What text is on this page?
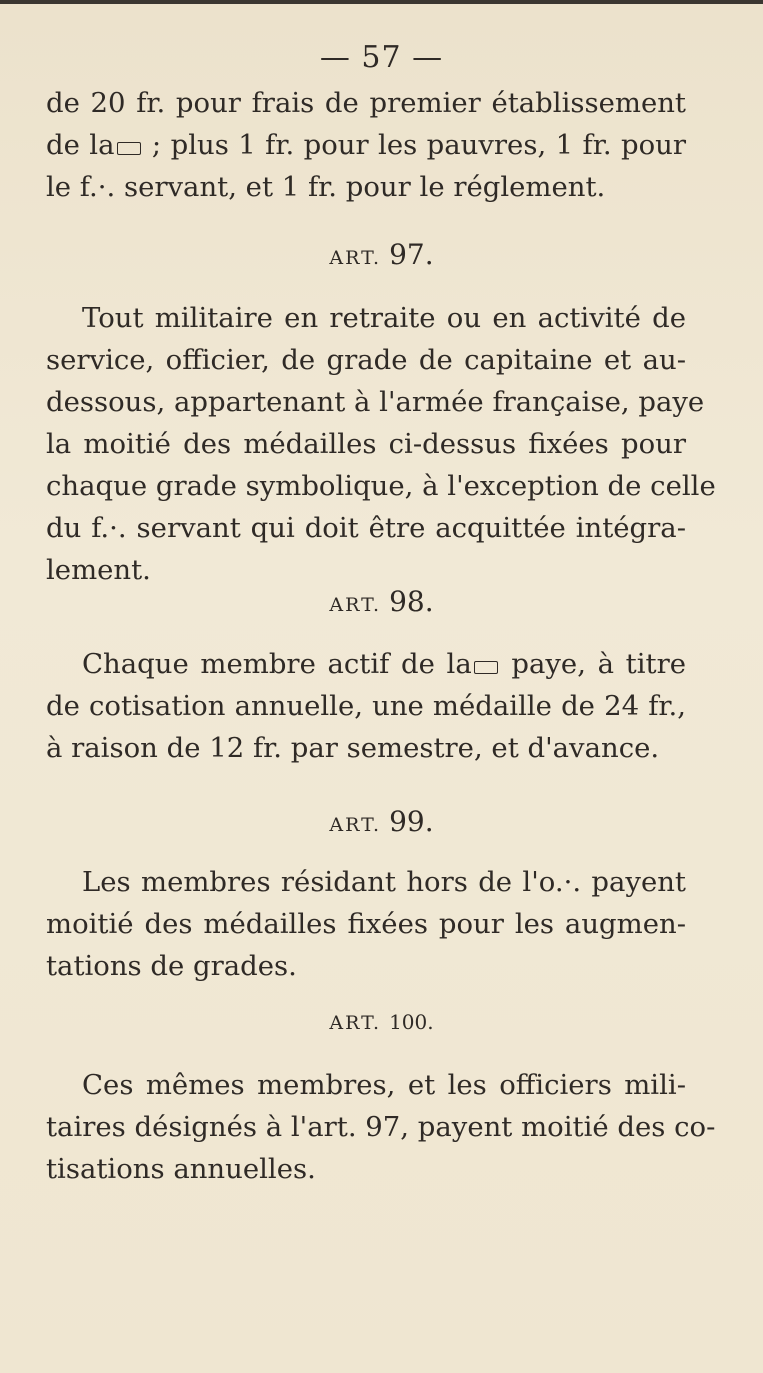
— 57 —
de 20 fr. pour frais de premier établissement
de la ; plus 1 fr. pour les pauvres, 1 fr. pour
le f.·. servant, et 1 fr. pour le réglement.
ART. 97.
Tout militaire en retraite ou en activité de
service, officier, de grade de capitaine et au-
dessous, appartenant à l'armée française, paye
la moitié des médailles ci-dessus fixées pour
chaque grade symbolique, à l'exception de celle
du f.·. servant qui doit être acquittée intégra-
lement.
ART. 98.
Chaque membre actif de la paye, à titre
de cotisation annuelle, une médaille de 24 fr.,
à raison de 12 fr. par semestre, et d'avance.
ART. 99.
Les membres résidant hors de l'o.·. payent
moitié des médailles fixées pour les augmen-
tations de grades.
ART. 100.
Ces mêmes membres, et les officiers mili-
taires désignés à l'art. 97, payent moitié des co-
tisations annuelles.
